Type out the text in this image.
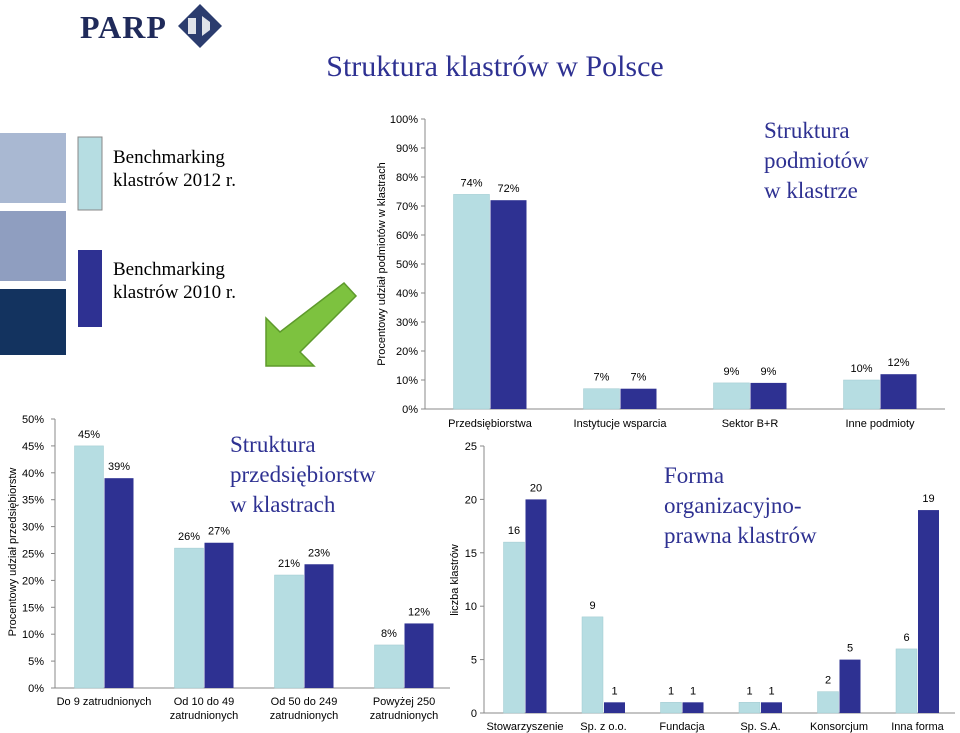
PARP
Struktura klastrów w Polsce
Benchmarking
klastrów 2012 r.
Benchmarking
klastrów 2010 r.
0%
5%
10%
15%
20%
25%
30%
35%
40%
45%
50%
Procentowy udział przedsiębiorstw
45%
39%
Do 9 zatrudnionych
26% 27%
Od 10 do 49
zatrudnionych
21%
23%
Od 50 do 249
zatrudnionych
8%
12%
Powyżej 250
zatrudnionych
Struktura
przedsiębiorstw
w klastrach
0%
10%
20%
30%
40%
50%
60%
70%
80%
90%
100%
Procentowy udział podmiotów w klastrach	74% 72%
Przedsiębiorstwa
7% 7%
Instytucje wsparcia
9% 9%
Sektor B+R
10% 12%
Inne podmioty
Struktura
podmiotów
w klastrze
0
5
10
15
20
25
liczba klastrów
16
20
Stowarzyszenie
9
1
Sp. z o.o.
1 1
Fundacja
1 1
Sp. S.A.
2
5
Konsorcjum
6
19
Inna forma
Forma
organizacyjno-
prawna klastrów
